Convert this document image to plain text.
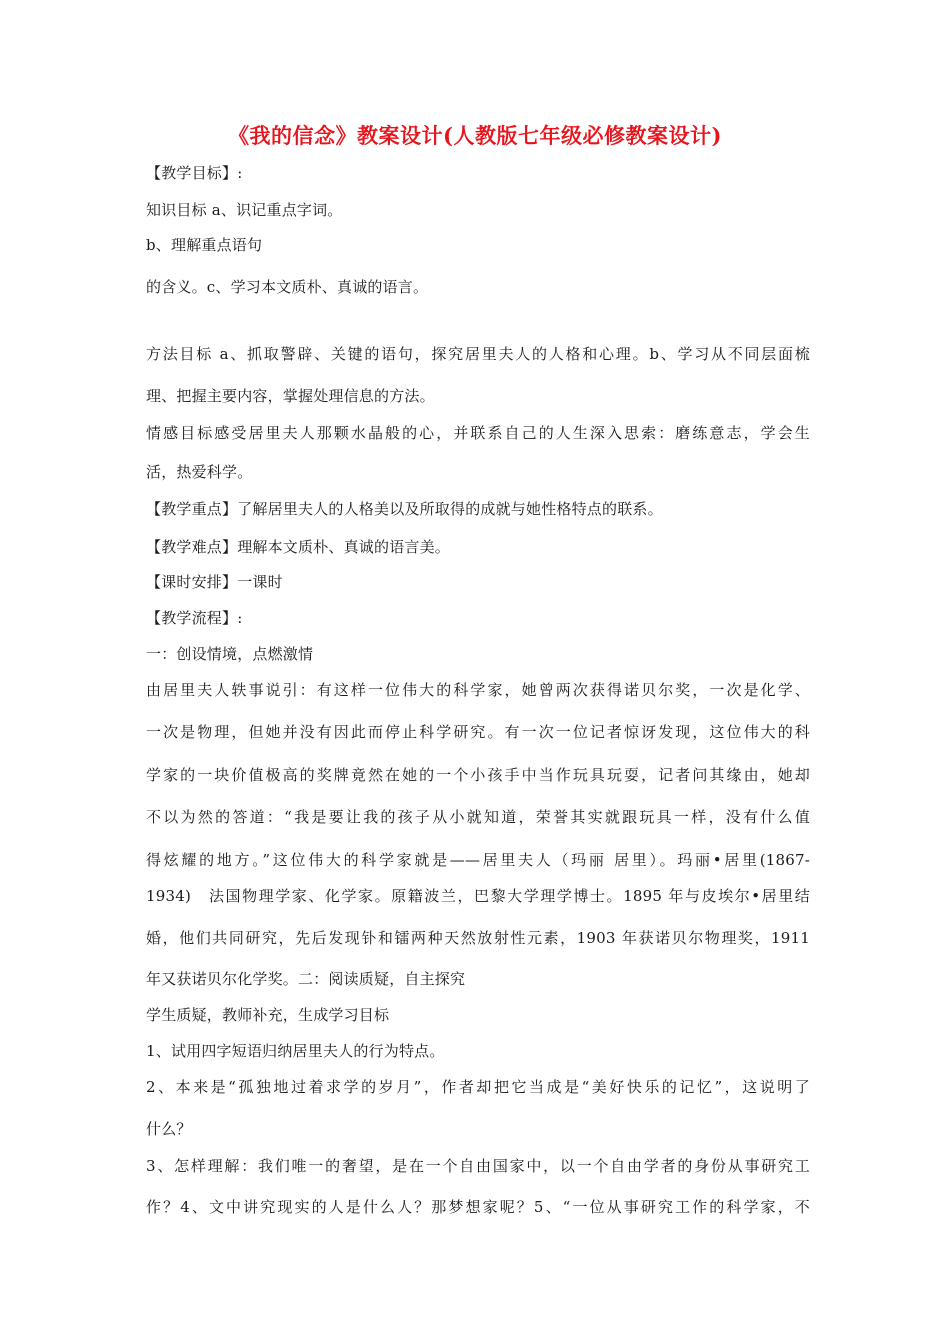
《我的信念》教案设计(人教版七年级必修教案设计)
【教学目标】:
知识目标 a、识记重点字词。
b、理解重点语句
的含义。c、学习本文质朴、真诚的语言。
方法目标 a、抓取警辟、关键的语句，探究居里夫人的人格和心理。b、学习从不同层面梳
理、把握主要内容，掌握处理信息的方法。
情感目标感受居里夫人那颗水晶般的心，并联系自己的人生深入思索：磨练意志，学会生
活，热爱科学。
【教学重点】了解居里夫人的人格美以及所取得的成就与她性格特点的联系。
【教学难点】理解本文质朴、真诚的语言美。
【课时安排】一课时
【教学流程】:
一：创设情境，点燃激情
由居里夫人轶事说引：有这样一位伟大的科学家，她曾两次获得诺贝尔奖，一次是化学、
一次是物理，但她并没有因此而停止科学研究。有一次一位记者惊讶发现，这位伟大的科
学家的一块价值极高的奖牌竟然在她的一个小孩手中当作玩具玩耍，记者问其缘由，她却
不以为然的答道：“我是要让我的孩子从小就知道，荣誉其实就跟玩具一样，没有什么值
得炫耀的地方。”这位伟大的科学家就是——居里夫人（玛丽 居里）。玛丽•居里(1867-
1934)　法国物理学家、化学家。原籍波兰，巴黎大学理学博士。1895 年与皮埃尔•居里结
婚，他们共同研究，先后发现钋和镭两种天然放射性元素，1903 年获诺贝尔物理奖，1911
年又获诺贝尔化学奖。二：阅读质疑，自主探究
学生质疑，教师补充，生成学习目标
1、试用四字短语归纳居里夫人的行为特点。
2、本来是“孤独地过着求学的岁月”，作者却把它当成是“美好快乐的记忆”，这说明了
什么？
3、怎样理解：我们唯一的奢望，是在一个自由国家中，以一个自由学者的身份从事研究工
作？4、文中讲究现实的人是什么人？那梦想家呢？5、“一位从事研究工作的科学家，不
